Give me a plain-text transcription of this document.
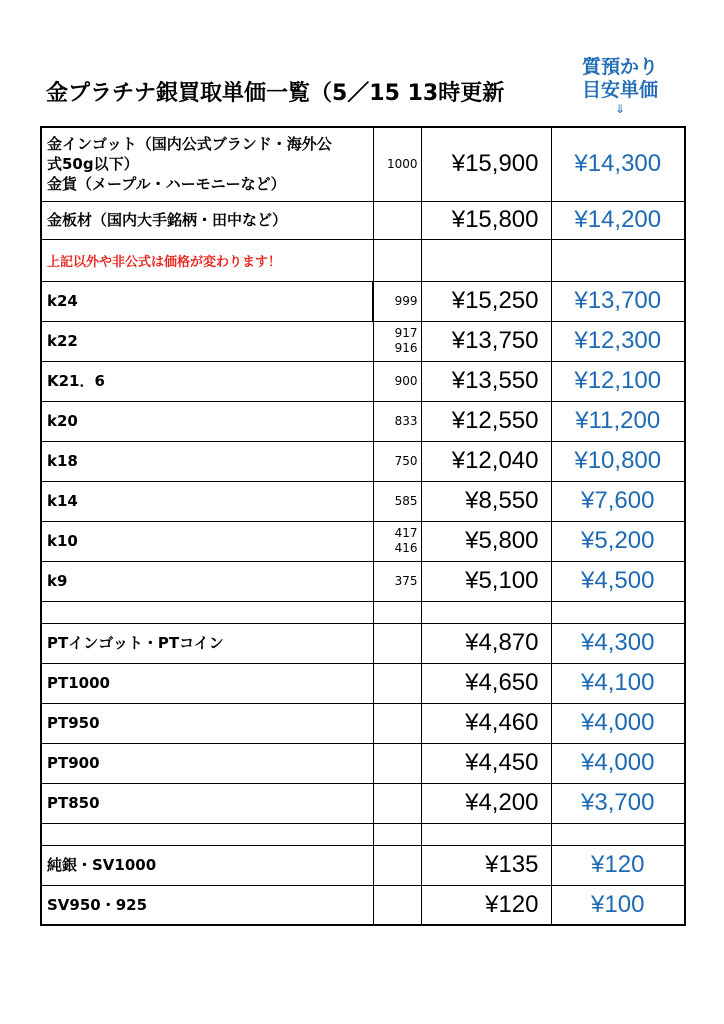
金プラチナ銀買取単価一覧（5／15 13時更新
質預かり
目安単価
⇓
金インゴット（国内公式ブランド・海外公
式50g以下）
金貨（メープル・ハーモニーなど）	1000	¥15,900	¥14,300

金板材（国内大手銘柄・田中など）		¥15,800	¥14,200
上記以外や非公式は価格が変わります！			

k24	999	¥15,250	¥13,700

k22	917
916	¥13,750	¥12,300

K21．6	900	¥13,550	¥12,100

k20	833	¥12,550	¥11,200

k18	750	¥12,040	¥10,800

k14	585	¥8,550	¥7,600

k10	417
416	¥5,800	¥5,200

k9	375	¥5,100	¥4,500

PTインゴット・PTコイン		¥4,870	¥4,300

PT1000		¥4,650	¥4,100

PT950		¥4,460	¥4,000

PT900		¥4,450	¥4,000

PT850		¥4,200	¥3,700

純銀・SV1000		¥135	¥120

SV950・925		¥120	¥100
